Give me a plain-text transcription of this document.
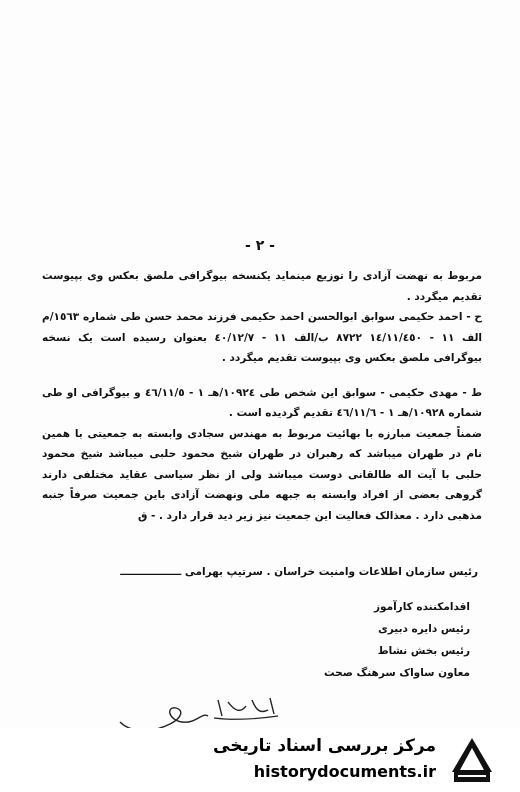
- ٢ -

مربوط به نهضت آزادی را توزیع مینماید یکنسخه بیوگرافی ملصق بعکس وی بپیوست تقدیم میگردد .

ح - احمد حکیمی سوابق ابوالحسن احمد حکیمی فرزند محمد حسن طی شماره ١٥٦٣/م الف ١١ - ١٤/١١/٤٥٠ ٨٧٢٢ ب/الف ١١ - ٤٠/١٢/٧ بعنوان رسیده است یک نسخه بیوگرافی ملصق بعکس وی بپیوست تقدیم میگردد .

ط - مهدی حکیمی - سوابق این شخص طی ١٠٩٢٤/هـ ١ - ٤٦/١١/٥ و بیوگرافی او طی شماره ١٠٩٢٨/هـ ١ - ٤٦/١١/٦ تقدیم گردیده است .

ضمناً جمعیت مبارزه با بهائیت مربوط به مهندس سجادی وابسته به جمعیتی با همین نام در طهران میباشد که رهبران در طهران شیخ محمود حلبی میباشد شیخ محمود حلبی با آیت اله طالقانی دوست میباشد ولی از نظر سیاسی عقاید مختلفی دارند گروهی بعضی از افراد وابسته به جبهه ملی ونهضت آزادی باین جمعیت صرفاً جنبه مذهبی دارد . معذالک فعالیت این جمعیت نیز زیر دید قرار دارد . - ق

رئیس سازمان اطلاعات وامنیت خراسان . سرتیپ بهرامی ـــــــــــــــــ
اقدامکننده کارآموز
رئیس دایره دبیری
رئیس بخش نشاط
معاون ساواک سرهنگ صحت
مرکز بررسی اسناد تاریخی
historydocuments.ir
